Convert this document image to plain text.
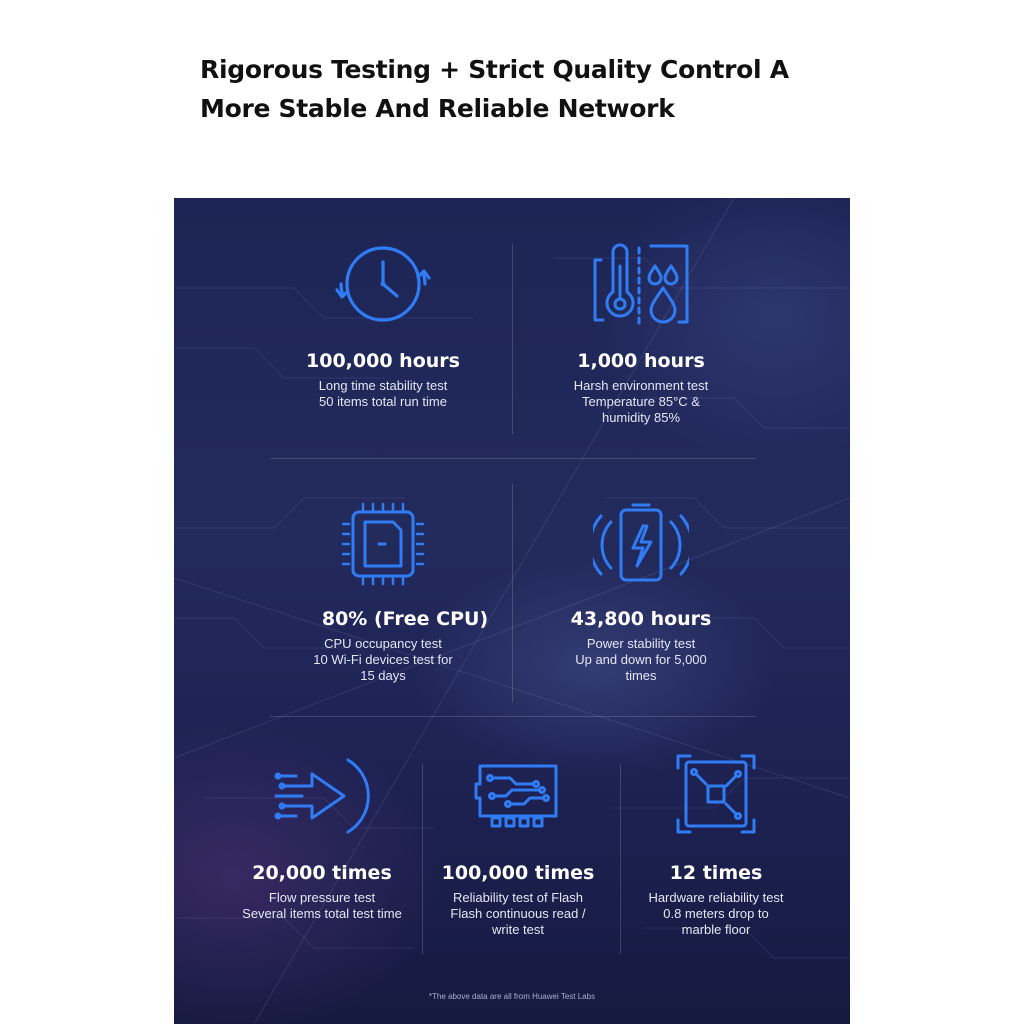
Rigorous Testing + Strict Quality Control A
More Stable And Reliable Network
100,000 hours
Long time stability test
50 items total run time
1,000 hours
Harsh environment test
Temperature 85°C &
humidity 85%
80% (Free CPU)
CPU occupancy test
10 Wi-Fi devices test for
15 days
43,800 hours
Power stability test
Up and down for 5,000
times
20,000 times
Flow pressure test
Several items total test time
100,000 times
Reliability test of Flash
Flash continuous read /
write test
12 times
Hardware reliability test
0.8 meters drop to
marble floor
*The above data are all from Huawei Test Labs
